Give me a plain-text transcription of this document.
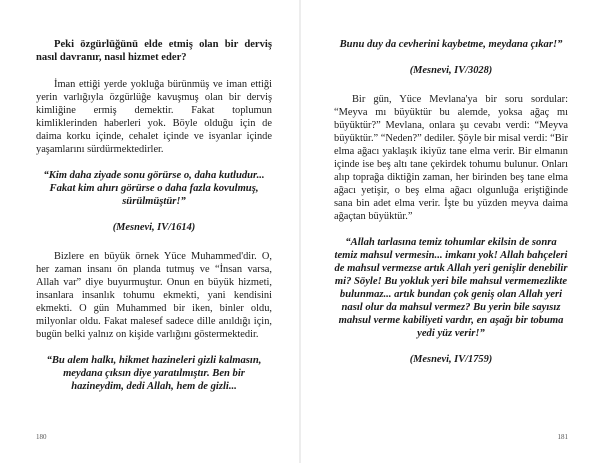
Peki özgürlüğünü elde etmiş olan bir derviş nasıl davranır, nasıl hizmet eder?

İman ettiği yerde yokluğa bürünmüş ve iman ettiği yerin varlığıyla özgürlüğe kavuşmuş olan bir derviş kimliğine ermiş demektir. Fakat toplumun kimliklerinden haberleri yok. Böyle olduğu için de daima korku içinde, cehalet içinde ve isyanlar içinde yaşamlarını sürdürmektedirler.

“Kim daha ziyade sonu görürse o, daha kutludur... Fakat kim ahırı görürse o daha fazla kovulmuş, sürülmüştür!”

(Mesnevi, IV/1614)

Bizlere en büyük örnek Yüce Muhammed'dir. O, her zaman insanı ön planda tutmuş ve “İnsan varsa, Allah var” diye buyurmuştur. Onun en büyük hizmeti, insanlara insanlık tohumu ekmekti, yani kendisini ekmekti. O gün Muhammed bir iken, binler oldu, milyonlar oldu. Fakat malesef sadece dille anıldığı için, bugün belki yalnız on kişide varlığını göstermektedir.

“Bu alem halkı, hikmet hazineleri gizli kalmasın, meydana çıksın diye yaratılmıştır. Ben bir hazineydim, dedi Allah, hem de gizli...

180

Bunu duy da cevherini kaybetme, meydana çıkar!”

(Mesnevi, IV/3028)

Bir gün, Yüce Mevlana'ya bir soru sordular: “Meyva mı büyüktür bu alemde, yoksa ağaç mı büyüktür?” Mevlana, onlara şu cevabı verdi: “Meyva büyüktür.” “Neden?” dediler. Şöyle bir misal verdi: “Bir elma ağacı yaklaşık ikiyüz tane elma verir. Bir elmanın içinde ise beş altı tane çekirdek tohumu bulunur. Onları alıp toprağa diktiğin zaman, her birinden beş tane elma ağacı yetişir, o beş elma ağacı olgunluğa eriştiğinde sana bin adet elma verir. İşte bu yüzden meyva daima ağaçtan büyüktür.”

“Allah tarlasına temiz tohumlar ekilsin de sonra temiz mahsul vermesin... imkanı yok! Allah bahçeleri de mahsul vermezse artık Allah yeri genişlir denebilir mi? Söyle! Bu yokluk yeri bile mahsul vermemezlikte bulunmaz... artık bundan çok geniş olan Allah yeri nasıl olur da mahsul vermez? Bu yerin bile sayısız mahsul verme kabiliyeti vardır, en aşağı bir tobuma yedi yüz verir!”

(Mesnevi, IV/1759)

181
